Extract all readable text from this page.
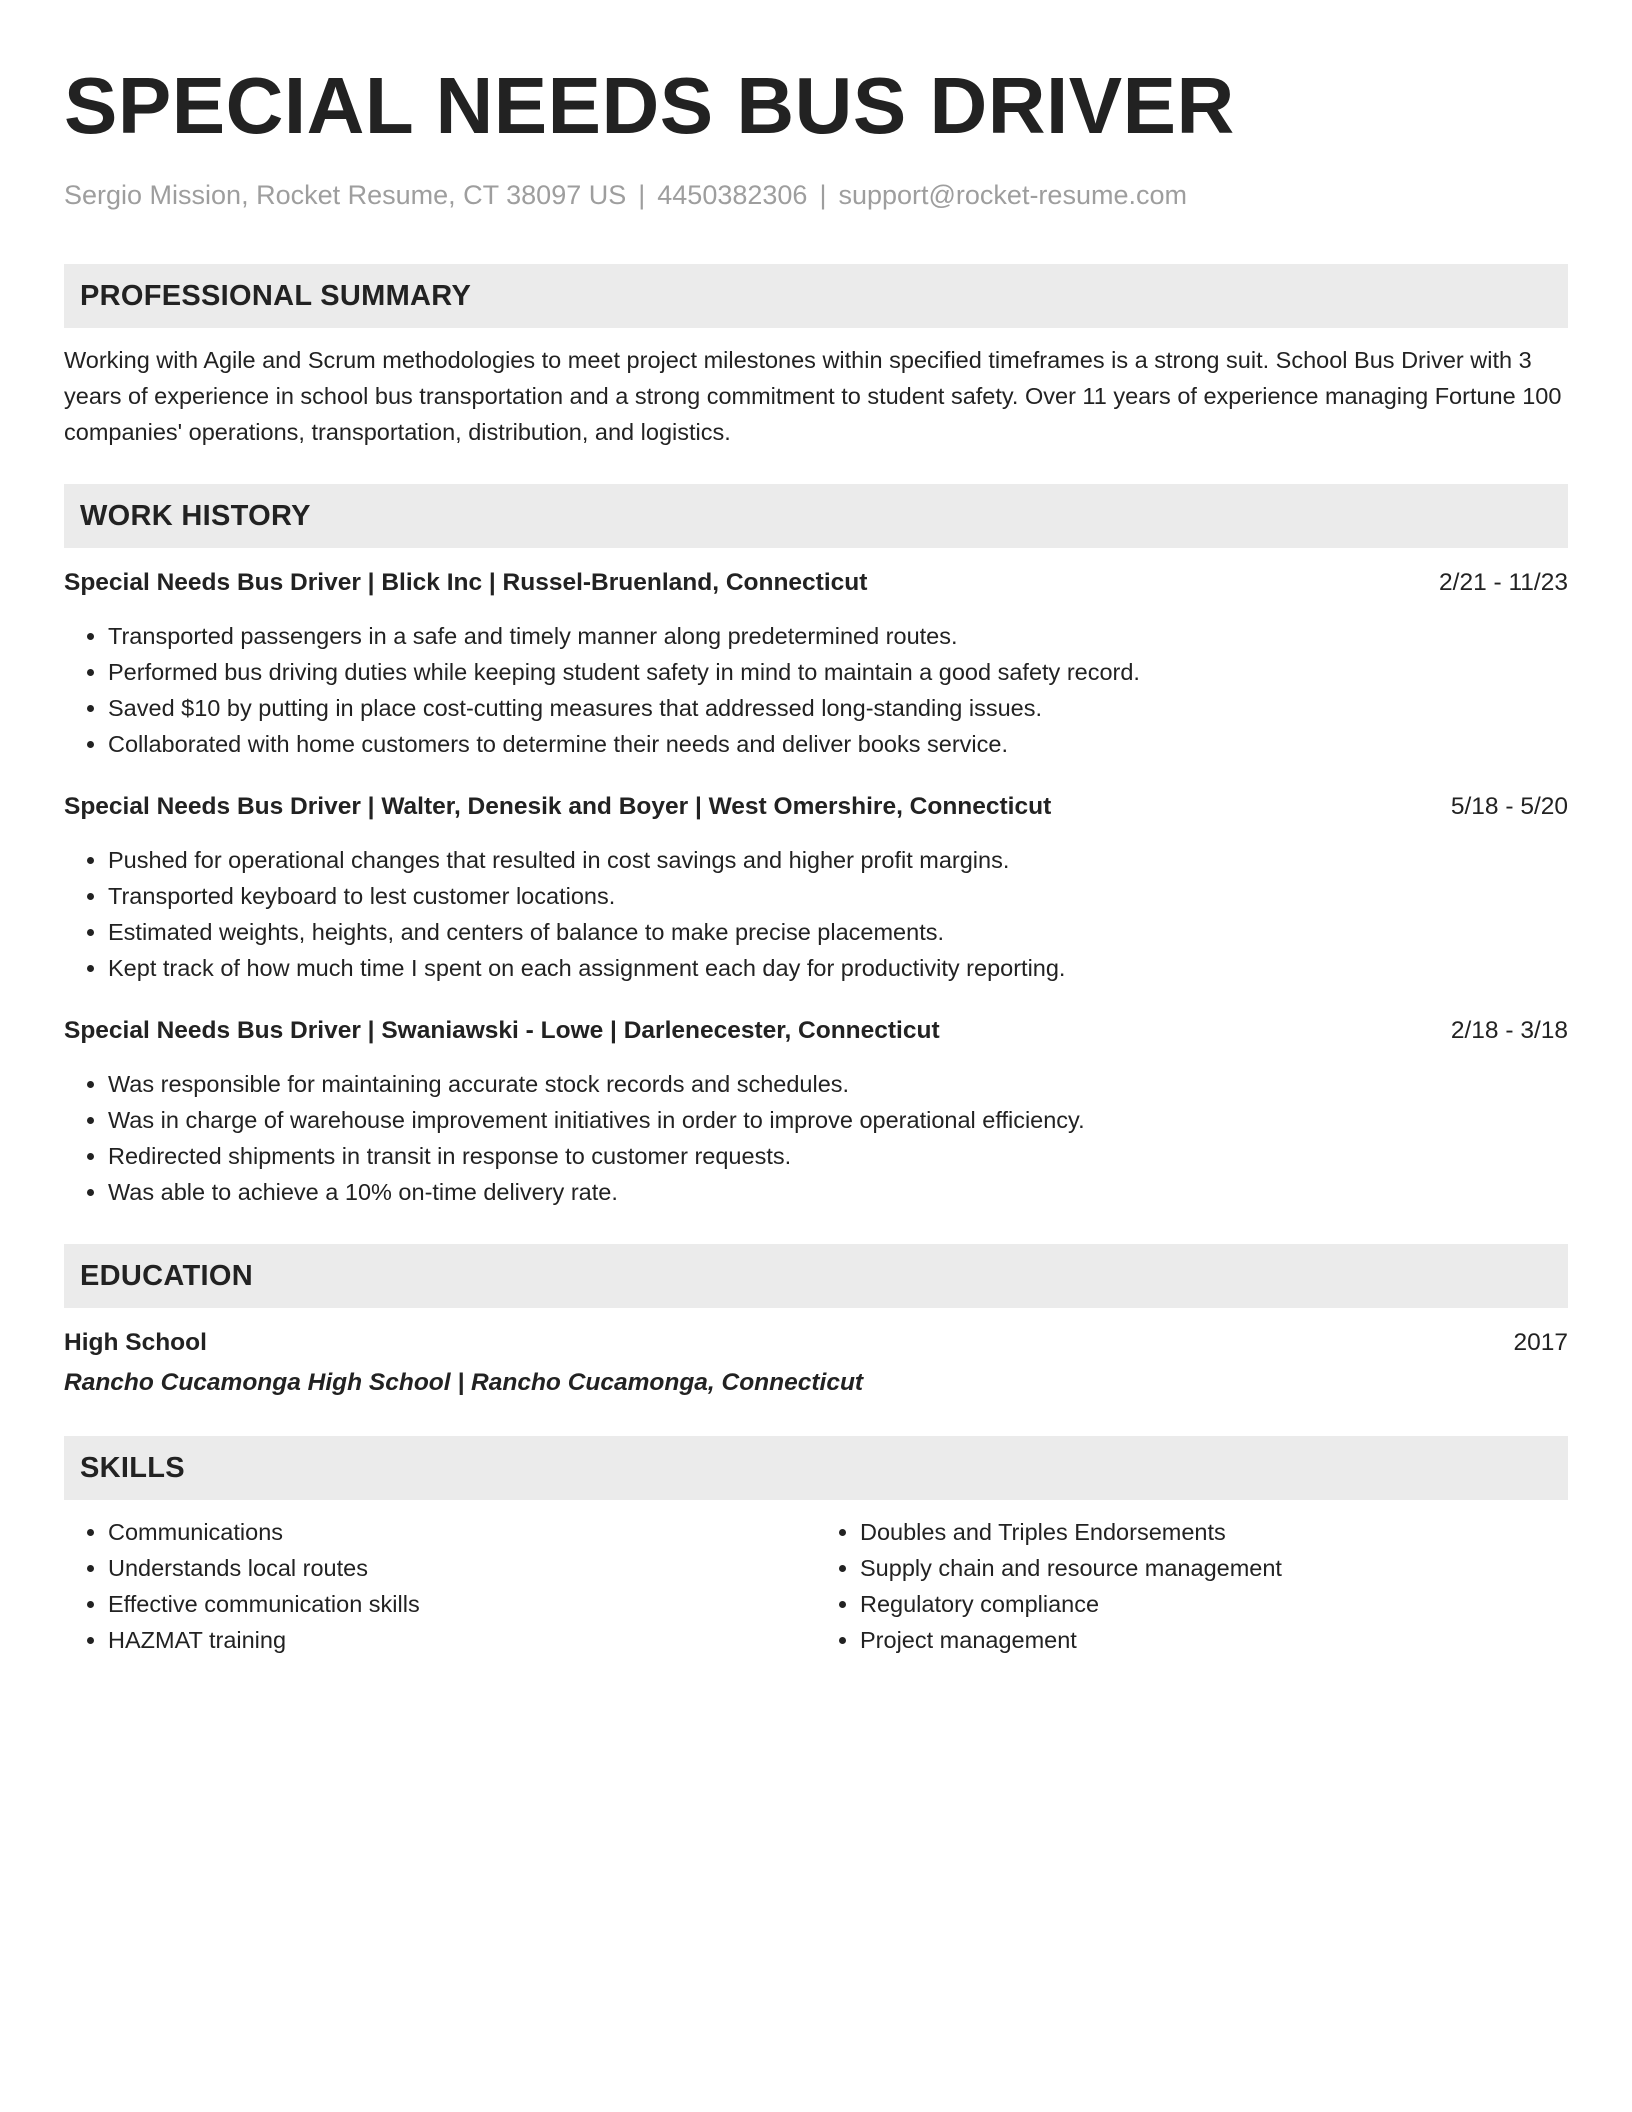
SPECIAL NEEDS BUS DRIVER
Sergio Mission, Rocket Resume, CT 38097 US | 4450382306 | support@rocket-resume.com
PROFESSIONAL SUMMARY

Working with Agile and Scrum methodologies to meet project milestones within specified timeframes is a strong suit. School Bus Driver with 3 years of experience in school bus transportation and a strong commitment to student safety. Over 11 years of experience managing Fortune 100 companies' operations, transportation, distribution, and logistics.

WORK HISTORY
Special Needs Bus Driver | Blick Inc | Russel-Bruenland, Connecticut	2/21 - 11/23
• Transported passengers in a safe and timely manner along predetermined routes.
• Performed bus driving duties while keeping student safety in mind to maintain a good safety record.
• Saved $10 by putting in place cost-cutting measures that addressed long-standing issues.
• Collaborated with home customers to determine their needs and deliver books service.
Special Needs Bus Driver | Walter, Denesik and Boyer | West Omershire, Connecticut	5/18 - 5/20
• Pushed for operational changes that resulted in cost savings and higher profit margins.
• Transported keyboard to lest customer locations.
• Estimated weights, heights, and centers of balance to make precise placements.
• Kept track of how much time I spent on each assignment each day for productivity reporting.
Special Needs Bus Driver | Swaniawski - Lowe | Darlenecester, Connecticut	2/18 - 3/18
• Was responsible for maintaining accurate stock records and schedules.
• Was in charge of warehouse improvement initiatives in order to improve operational efficiency.
• Redirected shipments in transit in response to customer requests.
• Was able to achieve a 10% on-time delivery rate.
EDUCATION
High School	2017
Rancho Cucamonga High School | Rancho Cucamonga, Connecticut
SKILLS
• Communications
• Understands local routes
• Effective communication skills
• HAZMAT training
• Doubles and Triples Endorsements
• Supply chain and resource management
• Regulatory compliance
• Project management
